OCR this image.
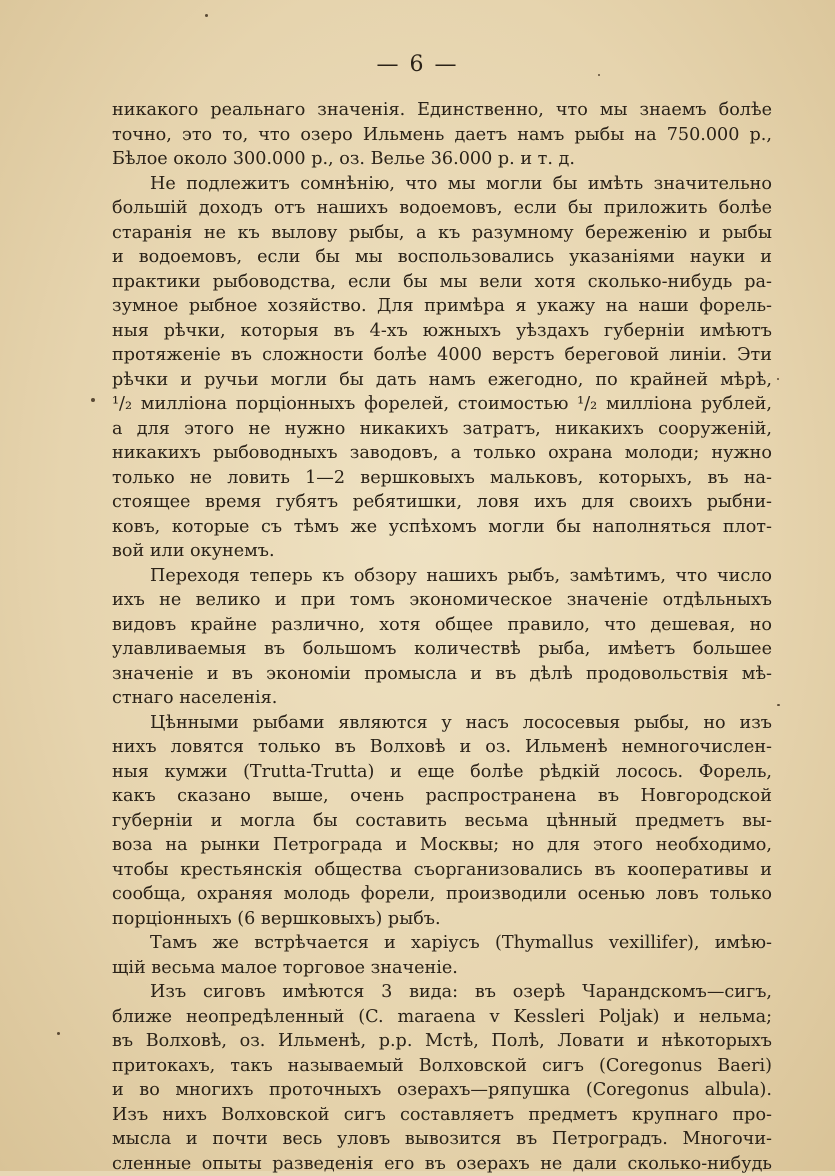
— 6 —
никакого реальнаго значенія. Единственно, что мы знаемъ болѣе
точно, это то, что озеро Ильмень даетъ намъ рыбы на 750.000 р.,
Бѣлое около 300.000 р., оз. Велье 36.000 р. и т. д.
Не подлежитъ сомнѣнію, что мы могли бы имѣть значительно
большій доходъ отъ нашихъ водоемовъ, если бы приложить болѣе
старанія не къ вылову рыбы, а къ разумному береженію и рыбы
и водоемовъ, если бы мы воспользовались указаніями науки и
практики рыбоводства, если бы мы вели хотя сколько-нибудь ра-
зумное рыбное хозяйство. Для примѣра я укажу на наши форель-
ныя рѣчки, которыя въ 4-хъ южныхъ уѣздахъ губерніи имѣютъ
протяженіе въ сложности болѣе 4000 верстъ береговой линіи. Эти
рѣчки и ручьи могли бы дать намъ ежегодно, по крайней мѣрѣ,
¹/₂ милліона порціонныхъ форелей, стоимостью ¹/₂ милліона рублей,
а для этого не нужно никакихъ затратъ, никакихъ сооруженій,
никакихъ рыбоводныхъ заводовъ, а только охрана молоди; нужно
только не ловить 1—2 вершковыхъ мальковъ, которыхъ, въ на-
стоящее время губятъ ребятишки, ловя ихъ для своихъ рыбни-
ковъ, которые съ тѣмъ же успѣхомъ могли бы наполняться плот-
вой или окунемъ.
Переходя теперь къ обзору нашихъ рыбъ, замѣтимъ, что число
ихъ не велико и при томъ экономическое значеніе отдѣльныхъ
видовъ крайне различно, хотя общее правило, что дешевая, но
улавливаемыя въ большомъ количествѣ рыба, имѣетъ большее
значеніе и въ экономіи промысла и въ дѣлѣ продовольствія мѣ-
стнаго населенія.
Цѣнными рыбами являются у насъ лососевыя рыбы, но изъ
нихъ ловятся только въ Волховѣ и оз. Ильменѣ немногочислен-
ныя кумжи (Trutta-Trutta) и еще болѣе рѣдкій лосось. Форель,
какъ сказано выше, очень распространена въ Новгородской
губерніи и могла бы составить весьма цѣнный предметъ вы-
воза на рынки Петрограда и Москвы; но для этого необходимо,
чтобы крестьянскія общества съорганизовались въ кооперативы и
сообща, охраняя молодь форели, производили осенью ловъ только
порціонныхъ (6 вершковыхъ) рыбъ.
Тамъ же встрѣчается и харіусъ (Thymallus vexillifer), имѣю-
щій весьма малое торговое значеніе.
Изъ сиговъ имѣются 3 вида: въ озерѣ Чарандскомъ—сигъ,
ближе неопредѣленный (C. maraena v Kessleri Poljak) и нельма;
въ Волховѣ, оз. Ильменѣ, р.р. Мстѣ, Полѣ, Ловати и нѣкоторыхъ
притокахъ, такъ называемый Волховской сигъ (Coregonus Baeri)
и во многихъ проточныхъ озерахъ—ряпушка (Coregonus albula).
Изъ нихъ Волховской сигъ составляетъ предметъ крупнаго про-
мысла и почти весь уловъ вывозится въ Петроградъ. Многочи-
сленные опыты разведенія его въ озерахъ не дали сколько-нибудь
